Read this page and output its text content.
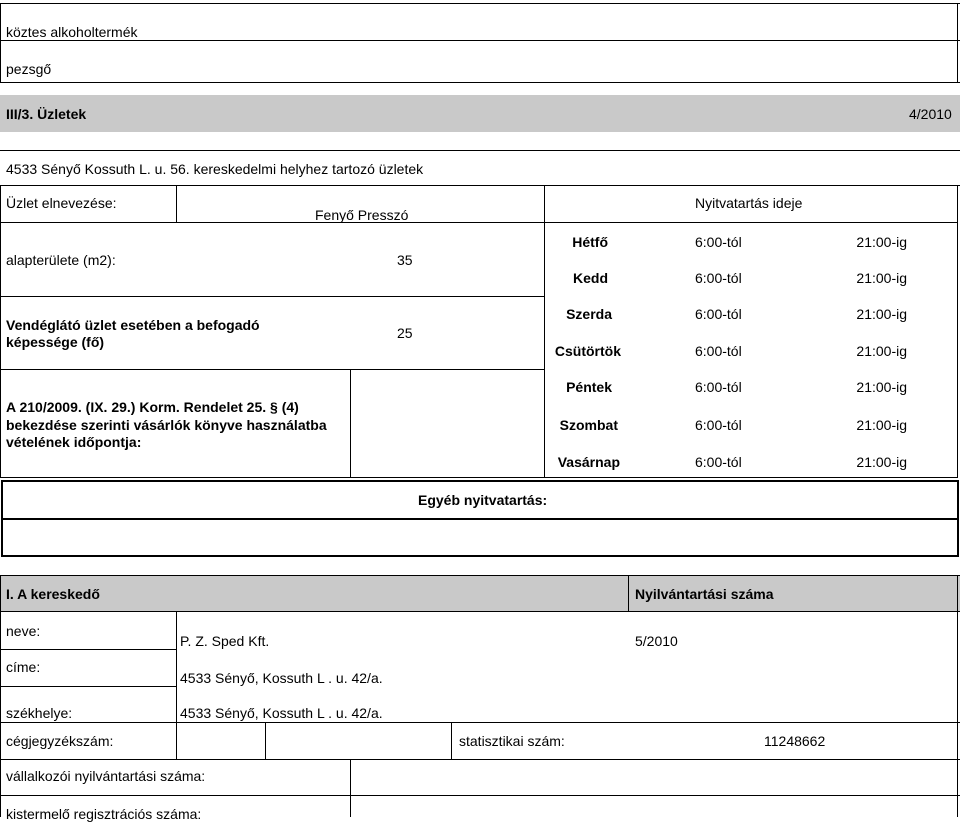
köztes alkoholtermék
pezsgő
III/3. Üzletek	4/2010
4533 Sényő Kossuth L. u. 56. kereskedelmi helyhez tartozó üzletek
Üzlet elnevezése:
Fenyő Presszó
alapterülete (m2):	35
Vendéglátó üzlet esetében a befogadó
képessége (fő)
25
A 210/2009. (IX. 29.) Korm. Rendelet 25. § (4)
bekezdése szerinti vásárlók könyve használatba
vételének időpontja:
Nyitvatartás ideje
Hétfő	6:00-tól	21:00-ig
Kedd	6:00-tól	21:00-ig
Szerda	6:00-tól	21:00-ig
Csütörtök	6:00-tól	21:00-ig
Péntek	6:00-tól	21:00-ig
Szombat	6:00-tól	21:00-ig
Vasárnap	6:00-tól	21:00-ig
Egyéb nyitvatartás:
I. A kereskedő	Nyilvántartási száma
neve:
P. Z. Sped Kft.	5/2010
címe:
4533 Sényő, Kossuth L . u. 42/a.
székhelye:	4533 Sényő, Kossuth L . u. 42/a.
cégjegyzékszám:	statisztikai szám:	11248662
vállalkozói nyilvántartási száma:
kistermelő regisztrációs száma:
